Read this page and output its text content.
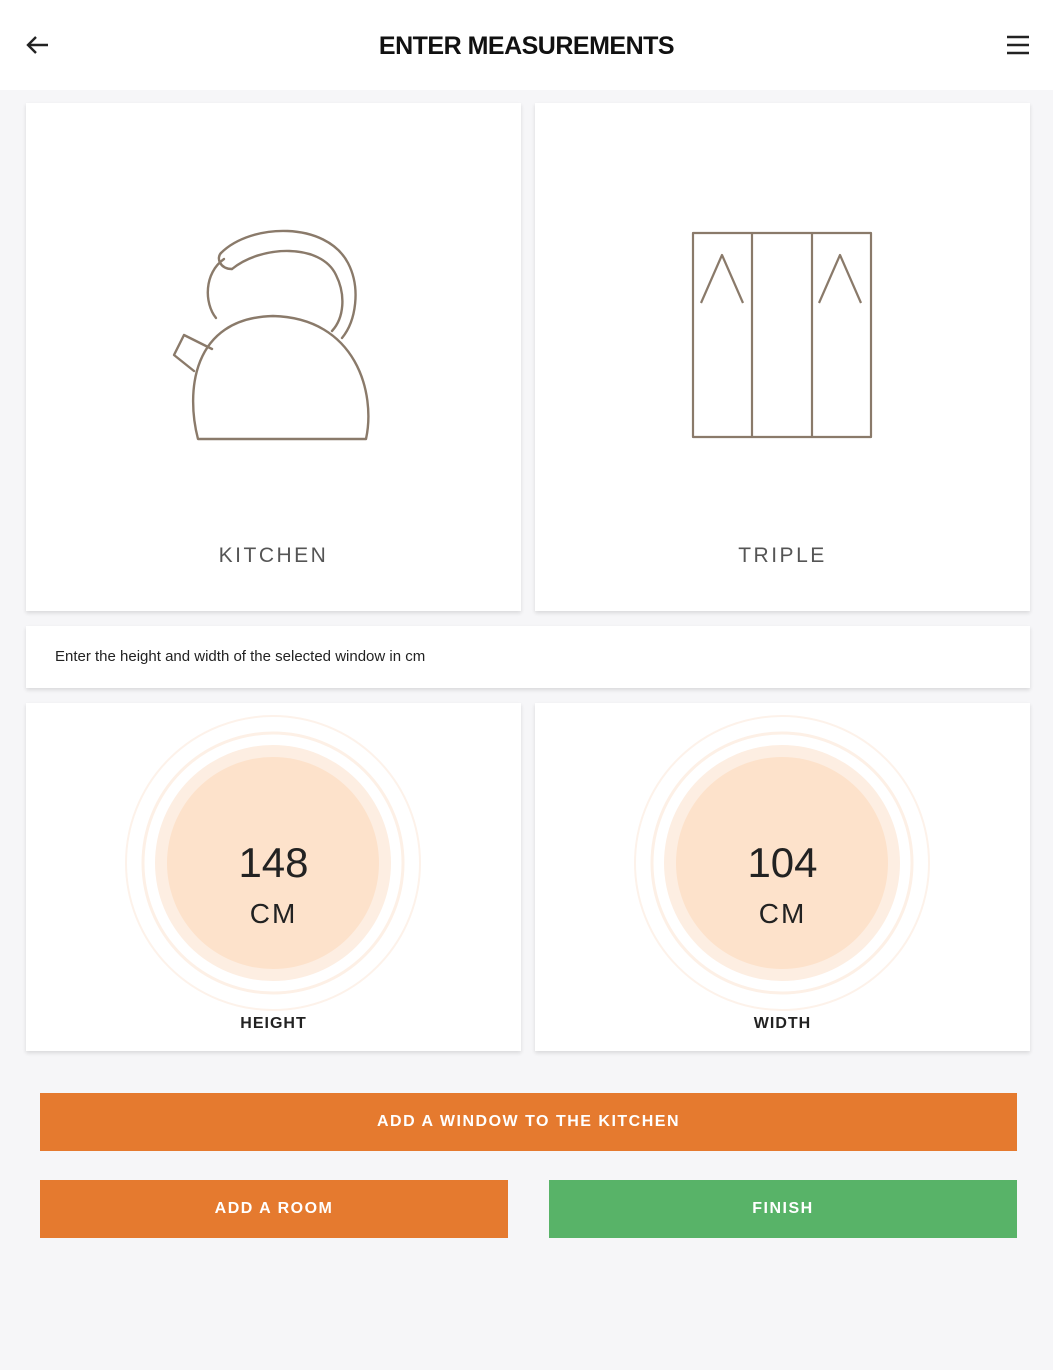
ENTER MEASUREMENTS
KITCHEN	TRIPLE
Enter the height and width of the selected window in cm
148
CM
HEIGHT
104
CM
WIDTH
ADD A WINDOW TO THE KITCHEN
ADD A ROOM	FINISH
